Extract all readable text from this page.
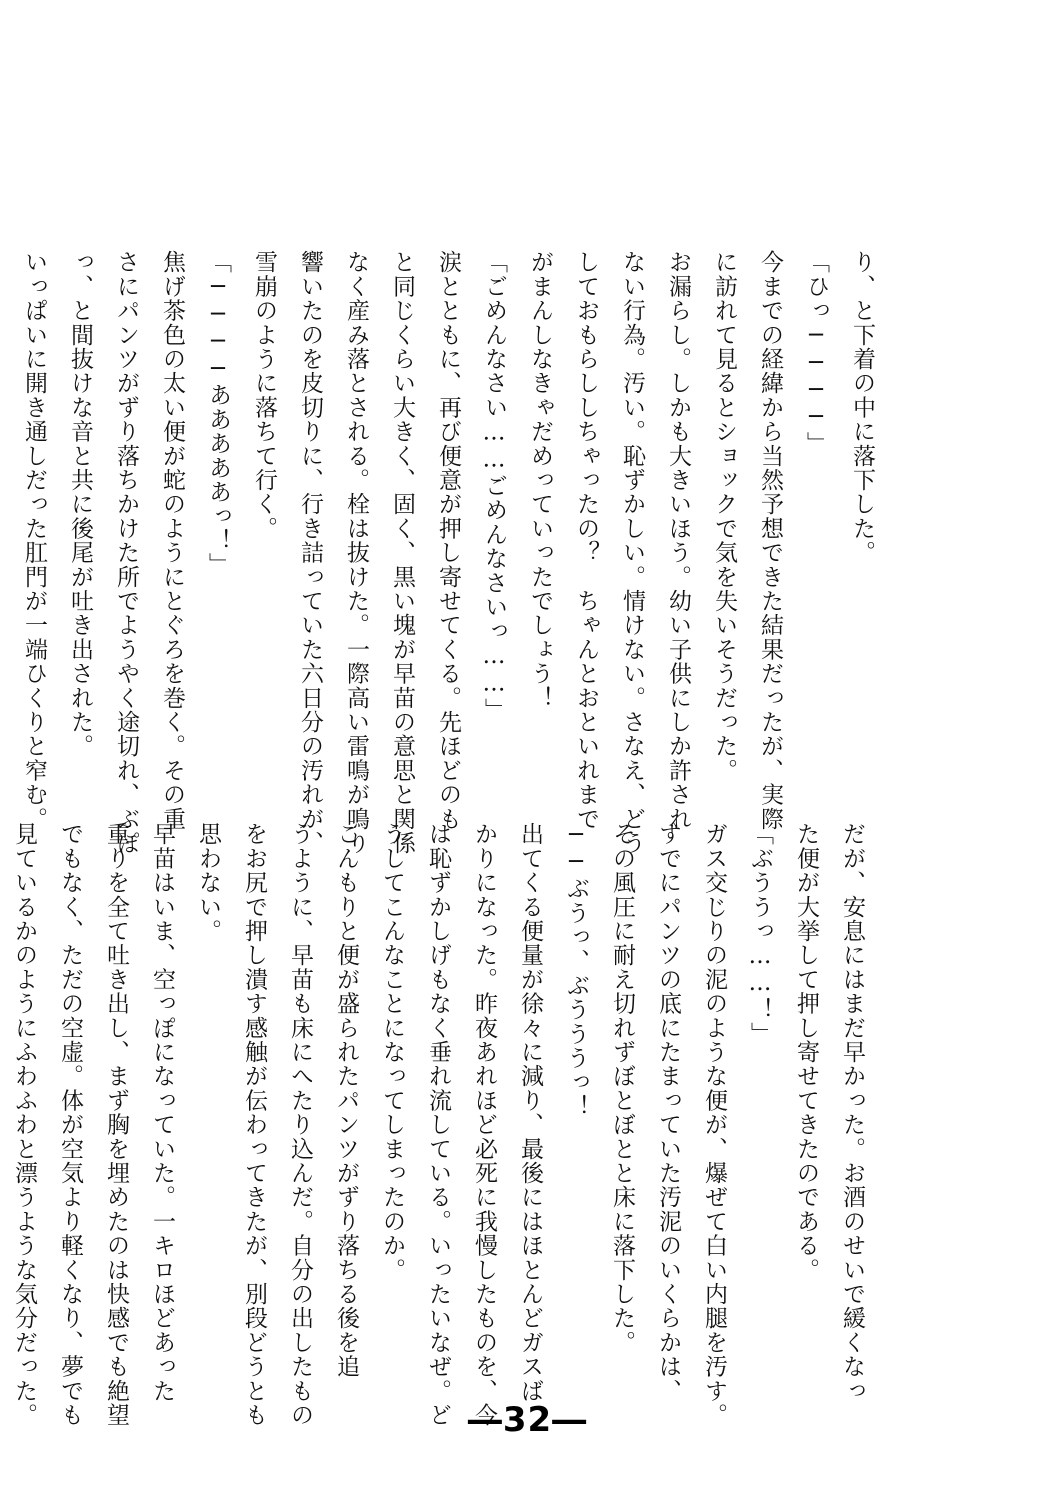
り、と下着の中に落下した。
「ひっ────」
今までの経緯から当然予想できた結果だったが、実際
に訪れて見るとショックで気を失いそうだった。
お漏らし。しかも大きいほう。幼い子供にしか許され
ない行為。汚い。恥ずかしい。情けない。さなえ、どう
しておもらししちゃったの？　ちゃんとおといれまで
がまんしなきゃだめっていったでしょう！
「ごめんなさい……ごめんなさいっ……」
涙とともに、再び便意が押し寄せてくる。先ほどのも
と同じくらい大きく、固く、黒い塊が早苗の意思と関係
なく産み落とされる。栓は抜けた。一際高い雷鳴が鳴り
響いたのを皮切りに、行き詰っていた六日分の汚れが、
雪崩のように落ちて行く。
「────あああああっ！」
焦げ茶色の太い便が蛇のようにとぐろを巻く。その重
さにパンツがずり落ちかけた所でようやく途切れ、ぶぽ
っ、と間抜けな音と共に後尾が吐き出された。
いっぱいに開き通しだった肛門が一端ひくりと窄む。
だが、安息にはまだ早かった。お酒のせいで緩くなっ
た便が大挙して押し寄せてきたのである。
「ぶううっ……！」
ガス交じりの泥のような便が、爆ぜて白い内腿を汚す。
すでにパンツの底にたまっていた汚泥のいくらかは、
その風圧に耐え切れずぼとぼとと床に落下した。
──ぶうっ、ぶうううっ！
出てくる便量が徐々に減り、最後にはほとんどガスば
かりになった。昨夜あれほど必死に我慢したものを、今
は恥ずかしげもなく垂れ流している。いったいなぜ。ど
うしてこんなことになってしまったのか。
こんもりと便が盛られたパンツがずり落ちる後を追
うように、早苗も床にへたり込んだ。自分の出したもの
をお尻で押し潰す感触が伝わってきたが、別段どうとも
思わない。
早苗はいま、空っぽになっていた。一キロほどあった
重りを全て吐き出し、まず胸を埋めたのは快感でも絶望
でもなく、ただの空虚。体が空気より軽くなり、夢でも
見ているかのようにふわふわと漂うような気分だった。	―32―
